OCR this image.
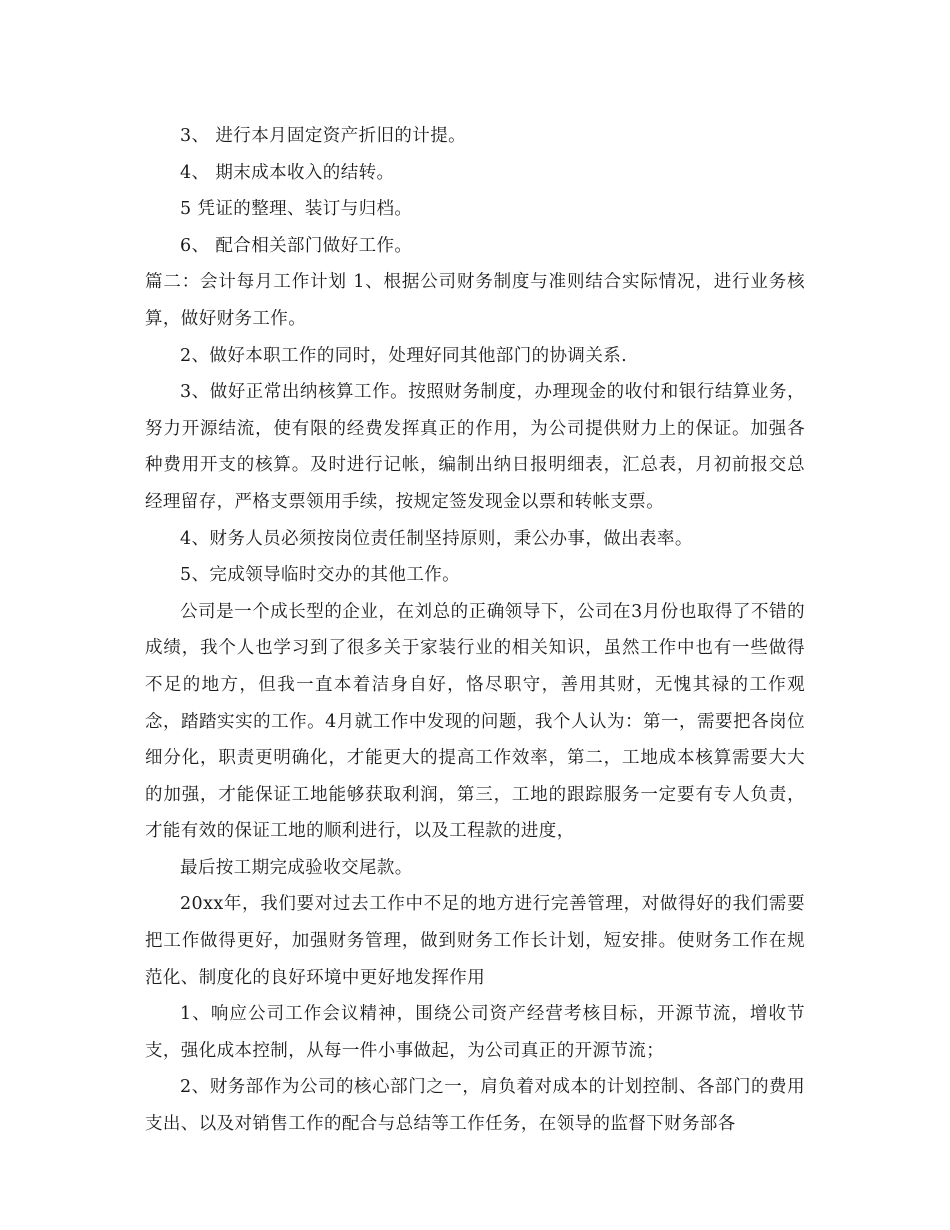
3、 进行本月固定资产折旧的计提。

4、 期末成本收入的结转。

5 凭证的整理、装订与归档。

6、 配合相关部门做好工作。

篇二：会计每月工作计划 1、根据公司财务制度与准则结合实际情况，进行业务核算，做好财务工作。

2、做好本职工作的同时，处理好同其他部门的协调关系.

3、做好正常出纳核算工作。按照财务制度，办理现金的收付和银行结算业务，努力开源结流，使有限的经费发挥真正的作用，为公司提供财力上的保证。加强各种费用开支的核算。及时进行记帐，编制出纳日报明细表，汇总表，月初前报交总经理留存，严格支票领用手续，按规定签发现金以票和转帐支票。

4、财务人员必须按岗位责任制坚持原则，秉公办事，做出表率。

5、完成领导临时交办的其他工作。

公司是一个成长型的企业，在刘总的正确领导下，公司在3月份也取得了不错的成绩，我个人也学习到了很多关于家装行业的相关知识，虽然工作中也有一些做得不足的地方，但我一直本着洁身自好，恪尽职守，善用其财，无愧其禄的工作观念，踏踏实实的工作。4月就工作中发现的问题，我个人认为：第一，需要把各岗位细分化，职责更明确化，才能更大的提高工作效率，第二，工地成本核算需要大大的加强，才能保证工地能够获取利润，第三，工地的跟踪服务一定要有专人负责，才能有效的保证工地的顺利进行，以及工程款的进度，

最后按工期完成验收交尾款。

20xx年，我们要对过去工作中不足的地方进行完善管理，对做得好的我们需要把工作做得更好，加强财务管理，做到财务工作长计划，短安排。使财务工作在规范化、制度化的良好环境中更好地发挥作用

1、响应公司工作会议精神，围绕公司资产经营考核目标，开源节流，增收节支，强化成本控制，从每一件小事做起，为公司真正的开源节流；

2、财务部作为公司的核心部门之一，肩负着对成本的计划控制、各部门的费用支出、以及对销售工作的配合与总结等工作任务，在领导的监督下财务部各
